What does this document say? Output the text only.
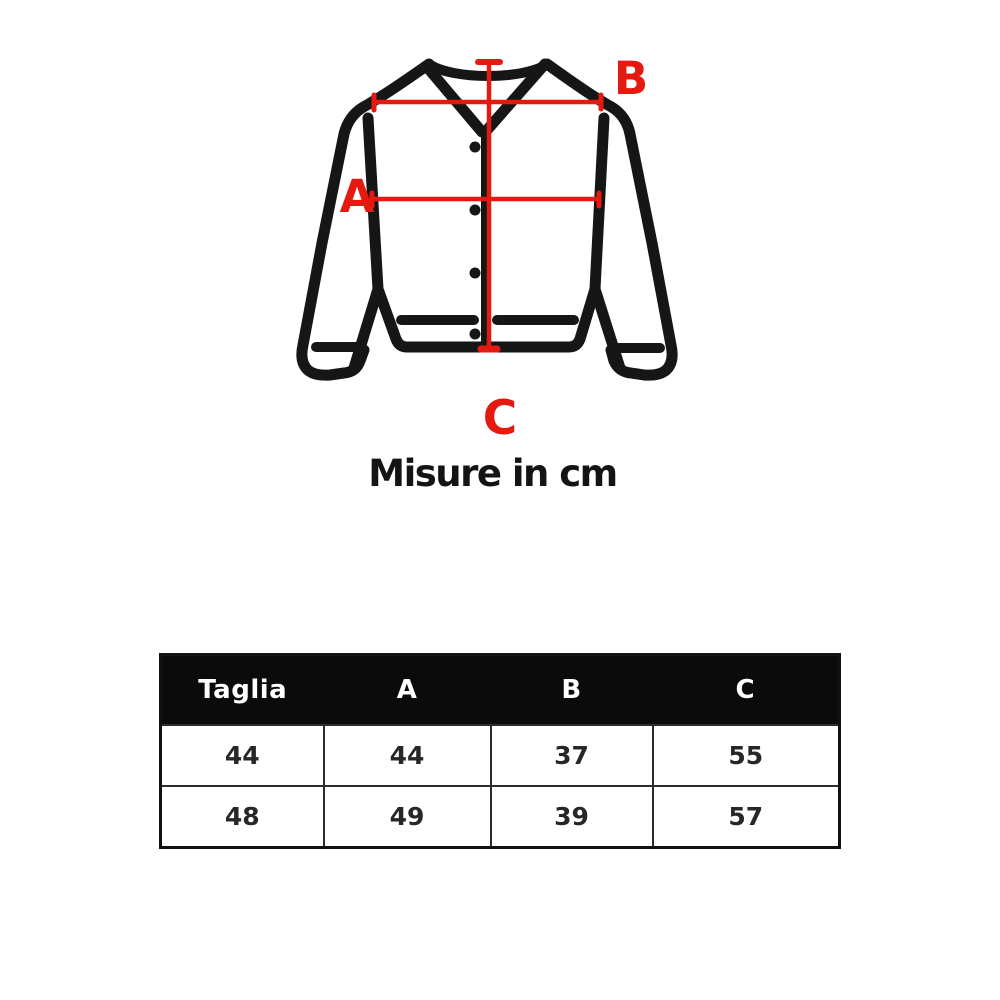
A
B
C
Misure in cm
Taglia	A	B	C
44	44	37	55
48	49	39	57
